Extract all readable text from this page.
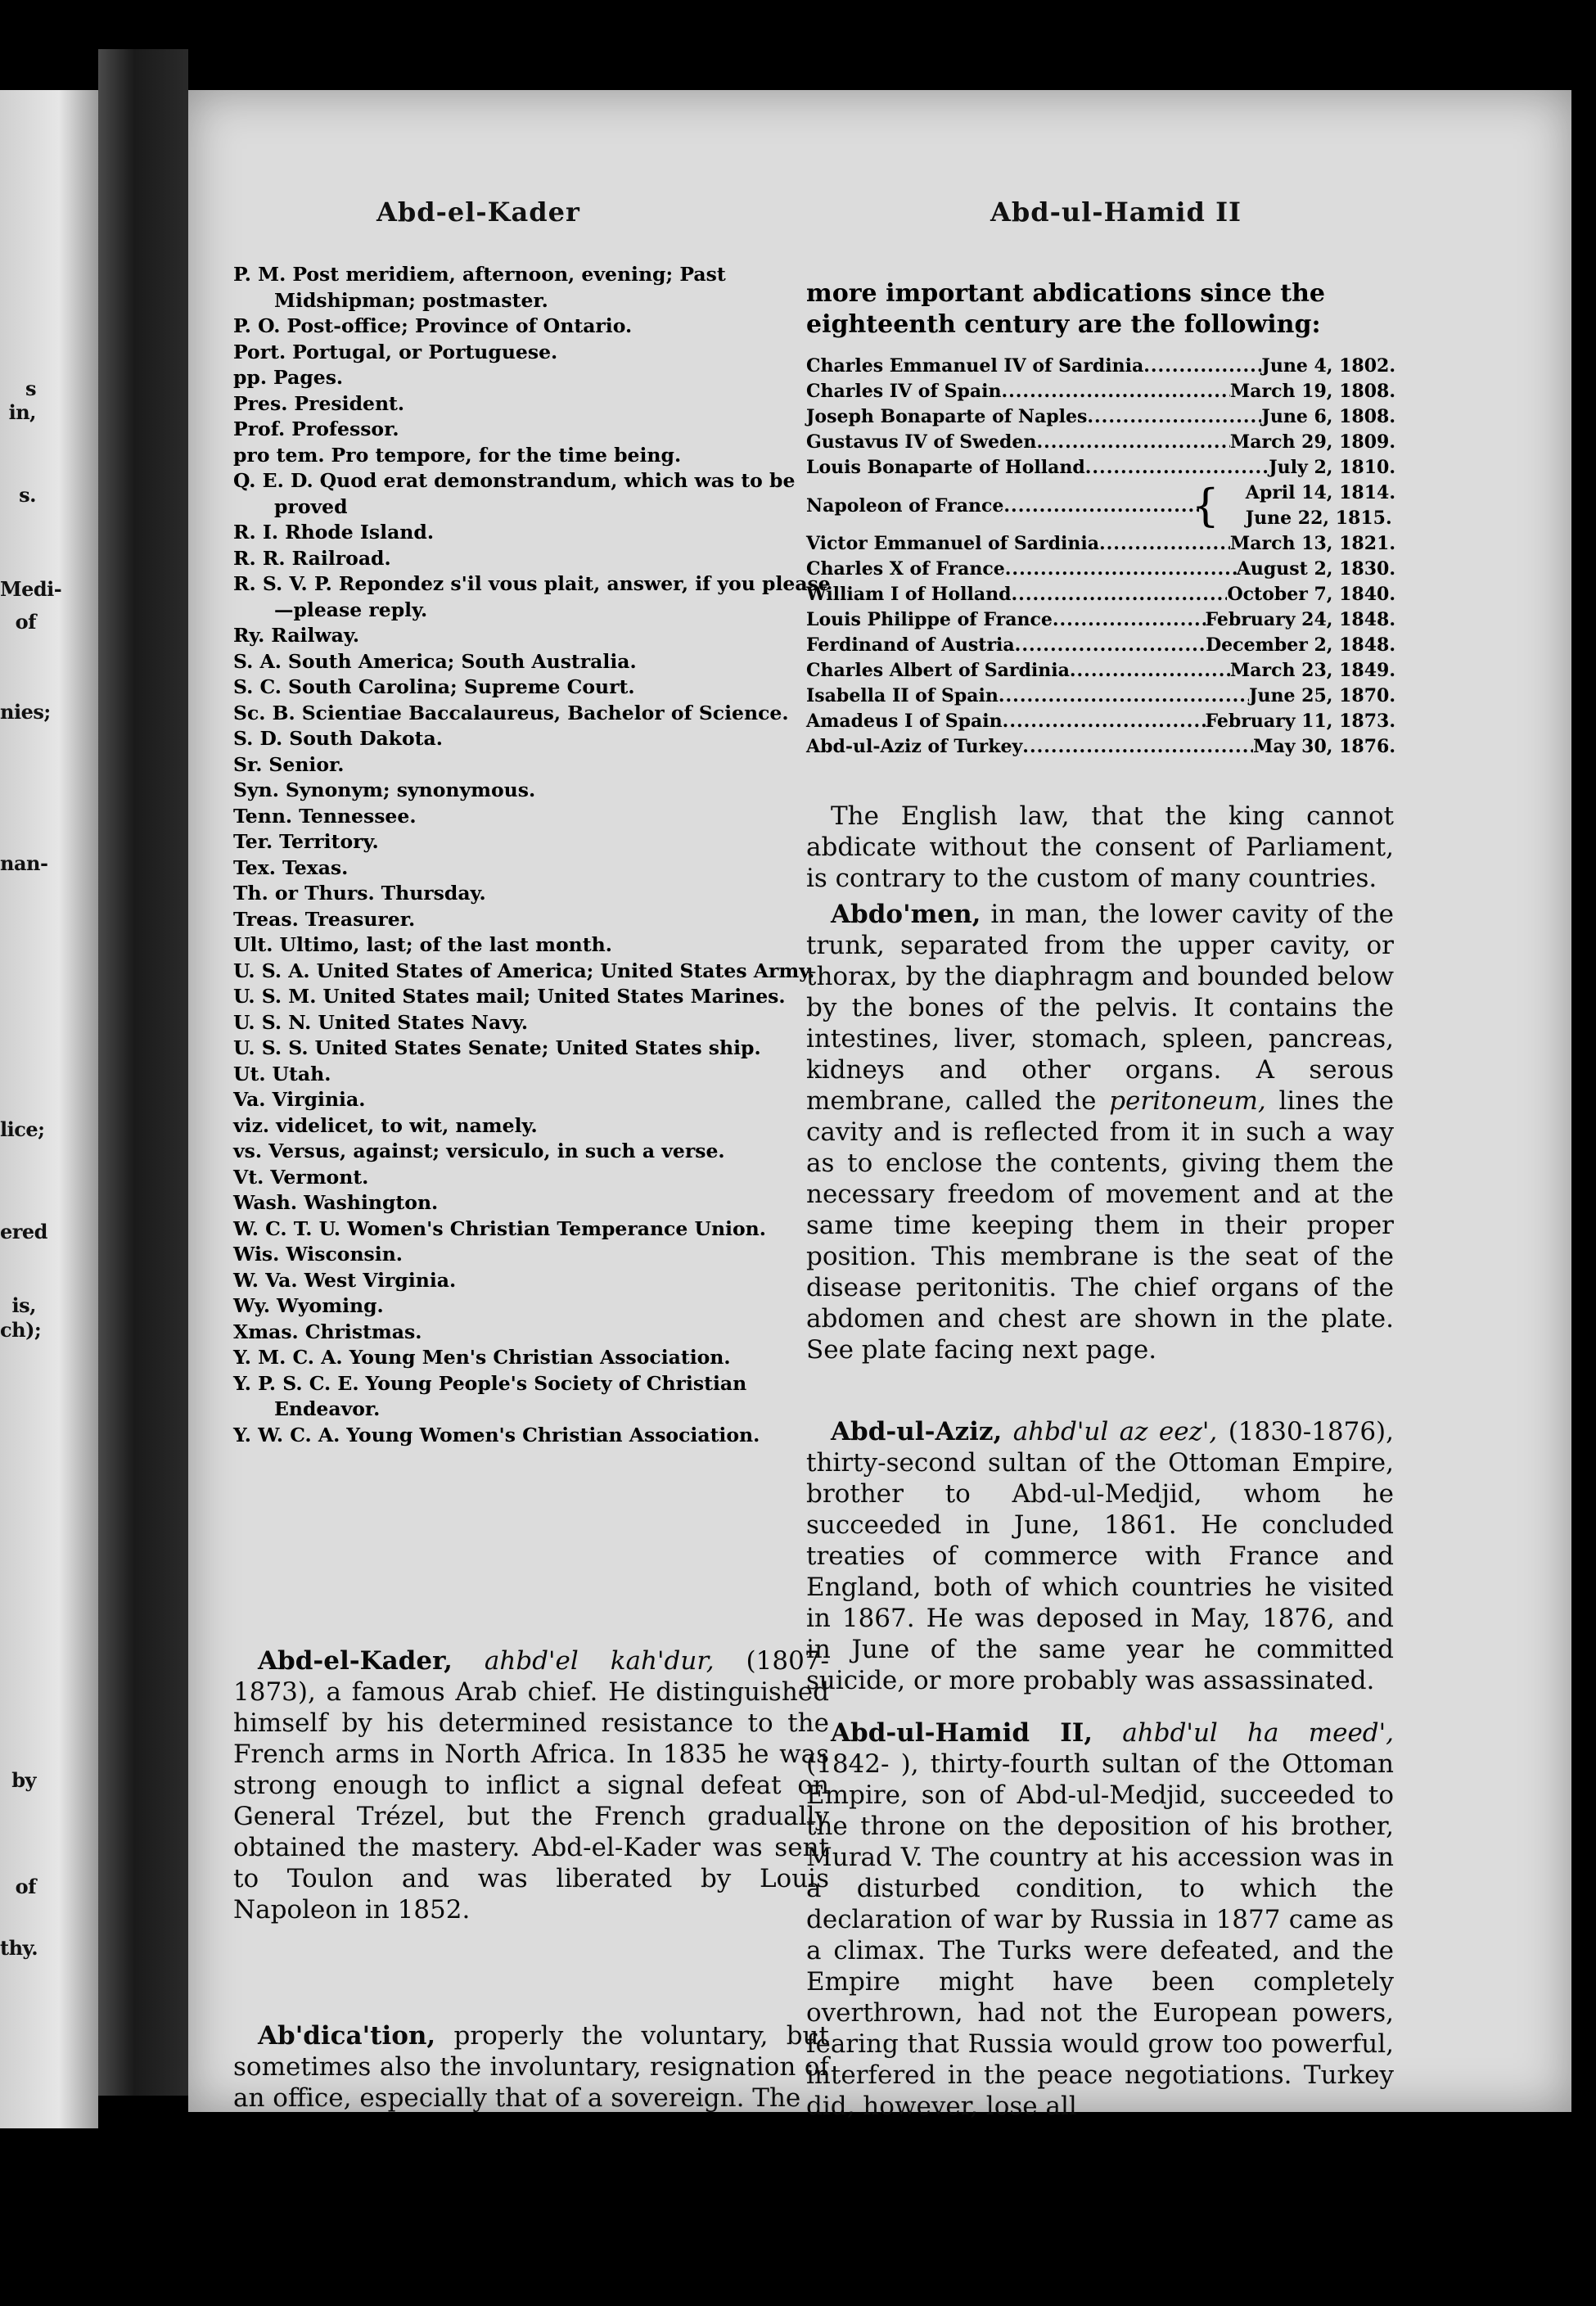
s in,
s.
Medi-
of
nies;
nan-
lice;
ered
is,
ch);
by
of
thy.
Abd-el-Kader	Abd-ul-Hamid II

P. M. Post meridiem, afternoon, evening; Past Midshipman; postmaster.

P. O. Post-office; Province of Ontario.

Port. Portugal, or Portuguese.

pp. Pages.

Pres. President.

Prof. Professor.

pro tem. Pro tempore, for the time being.

Q. E. D. Quod erat demonstrandum, which was to be proved

R. I. Rhode Island.

R. R. Railroad.

R. S. V. P. Repondez s'il vous plait, answer, if you please—please reply.

Ry. Railway.

S. A. South America; South Australia.

S. C. South Carolina; Supreme Court.

Sc. B. Scientiae Baccalaureus, Bachelor of Science.

S. D. South Dakota.

Sr. Senior.

Syn. Synonym; synonymous.

Tenn. Tennessee.

Ter. Territory.

Tex. Texas.

Th. or Thurs. Thursday.

Treas. Treasurer.

Ult. Ultimo, last; of the last month.

U. S. A. United States of America; United States Army.

U. S. M. United States mail; United States Marines.

U. S. N. United States Navy.

U. S. S. United States Senate; United States ship.

Ut. Utah.

Va. Virginia.

viz. videlicet, to wit, namely.

vs. Versus, against; versiculo, in such a verse.

Vt. Vermont.

Wash. Washington.

W. C. T. U. Women's Christian Temperance Union.

Wis. Wisconsin.

W. Va. West Virginia.

Wy. Wyoming.

Xmas. Christmas.

Y. M. C. A. Young Men's Christian Association.

Y. P. S. C. E. Young People's Society of Christian Endeavor.

Y. W. C. A. Young Women's Christian Association.

Abd-el-Kader, ahbd'el kah'dur, (1807-1873), a famous Arab chief. He distinguished himself by his determined resistance to the French arms in North Africa. In 1835 he was strong enough to inflict a signal defeat on General Trézel, but the French gradually obtained the mastery. Abd-el-Kader was sent to Toulon and was liberated by Louis Napoleon in 1852.

Ab'dica'tion, properly the voluntary, but sometimes also the involuntary, resignation of an office, especially that of a sovereign. The

more important abdications since the eighteenth century are the following:

Charles Emmanuel IV of Sardinia .....	June 4, 1802.
Charles IV of Spain .....	March 19, 1808.
Joseph Bonaparte of Naples .....	June 6, 1808.
Gustavus IV of Sweden .....	March 29, 1809.
Louis Bonaparte of Holland .....	July 2, 1810.
Napoleon of France .....	{ April 14, 1814.
June 22, 1815.
Victor Emmanuel of Sardinia .....	March 13, 1821.
Charles X of France .....	August 2, 1830.
William I of Holland .....	October 7, 1840.
Louis Philippe of France .....	February 24, 1848.
Ferdinand of Austria .....	December 2, 1848.
Charles Albert of Sardinia .....	March 23, 1849.
Isabella II of Spain .....	June 25, 1870.
Amadeus I of Spain .....	February 11, 1873.
Abd-ul-Aziz of Turkey .....	May 30, 1876.

The English law, that the king cannot abdicate without the consent of Parliament, is contrary to the custom of many countries.

Abdo'men, in man, the lower cavity of the trunk, separated from the upper cavity, or thorax, by the diaphragm and bounded below by the bones of the pelvis. It contains the intestines, liver, stomach, spleen, pancreas, kidneys and other organs. A serous membrane, called the peritoneum, lines the cavity and is reflected from it in such a way as to enclose the contents, giving them the necessary freedom of movement and at the same time keeping them in their proper position. This membrane is the seat of the disease peritonitis. The chief organs of the abdomen and chest are shown in the plate. See plate facing next page.

Abd-ul-Aziz, ahbd'ul az eez', (1830-1876), thirty-second sultan of the Ottoman Empire, brother to Abd-ul-Medjid, whom he succeeded in June, 1861. He concluded treaties of commerce with France and England, both of which countries he visited in 1867. He was deposed in May, 1876, and in June of the same year he committed suicide, or more probably was assassinated.

Abd-ul-Hamid II, ahbd'ul ha meed', (1842- ), thirty-fourth sultan of the Ottoman Empire, son of Abd-ul-Medjid, succeeded to the throne on the deposition of his brother, Murad V. The country at his accession was in a disturbed condition, to which the declaration of war by Russia in 1877 came as a climax. The Turks were defeated, and the Empire might have been completely overthrown, had not the European powers, fearing that Russia would grow too powerful, interfered in the peace negotiations. Turkey did, however, lose all
